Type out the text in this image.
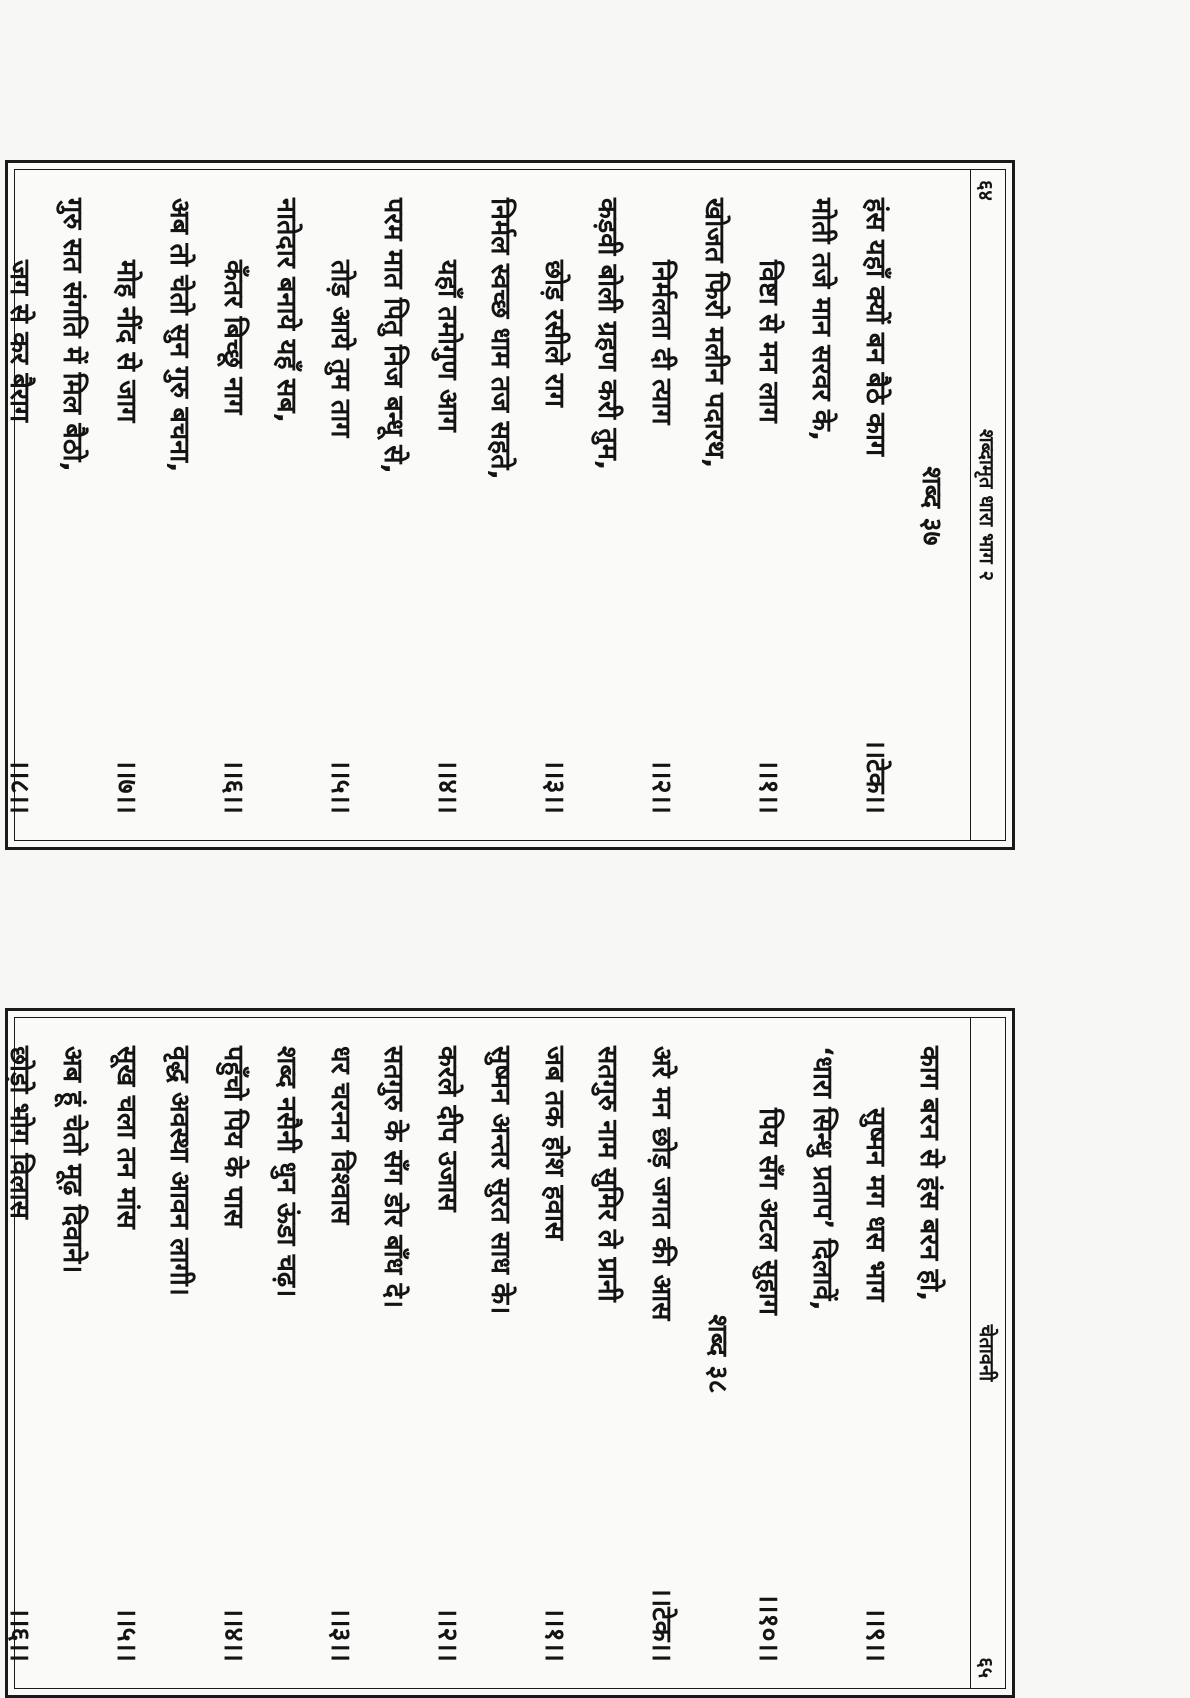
६४
शब्दामृत धारा भाग २
शब्द ३७
हंस यहाँ क्यों बन बैठे काग
।।टेक।।
मोती तजे मान सरवर के,
विष्टा से मन लाग
।।१।।
खोजत फिरो मलीन पदारथ,
निर्मलता दी त्याग
।।२।।
कड़वी बोली ग्रहण करी तुम,
छोड़ रसीले राग
।।३।।
निर्मल स्वच्छ धाम तज सहते,
यहाँ तमोगुण आग
।।४।।
परम मात पितु निज बन्धू से,
तोड़ आये तुम ताग
।।५।।
नातेदार बनाये यहँ सब,
कँतर बिच्छू नाग
।।६।।
अब तो चेतो सुन गुरु बचना,
मोह नींद से जाग
।।७।।
गुरु सत संगति में मिल बैठो,
जग से कर बैराग
।।८।।
चेतावनी
६५
काग बरन से हंस बरन हो,
सुष्मन मग धस भाग
।।९।।
‘धारा सिन्धु प्रताप’ दिलावें,
पिय सँग अटल सुहाग
।।१०।।
शब्द ३८
अरे मन छोड़ जगत की आस
।।टेक।।
सतगुरु नाम सुमिर ले प्रानी
जब तक होश हवास
।।१।।
सुष्मन अन्तर सुरत साध के।
करले दीप उजास
।।२।।
सतगुरु के सँग डोर बाँध दे।
धर चरनन विश्वास
।।३।।
शब्द नसैनी धुन ऊंडा चढ़।
पहुँचो पिय के पास
।।४।।
वृद्ध अवस्था आवन लागी।
सूख चला तन मांस
।।५।।
अब हूं चेतो मूढ़ दिवाने।
छोड़ो भोग विलास
।।६।।
